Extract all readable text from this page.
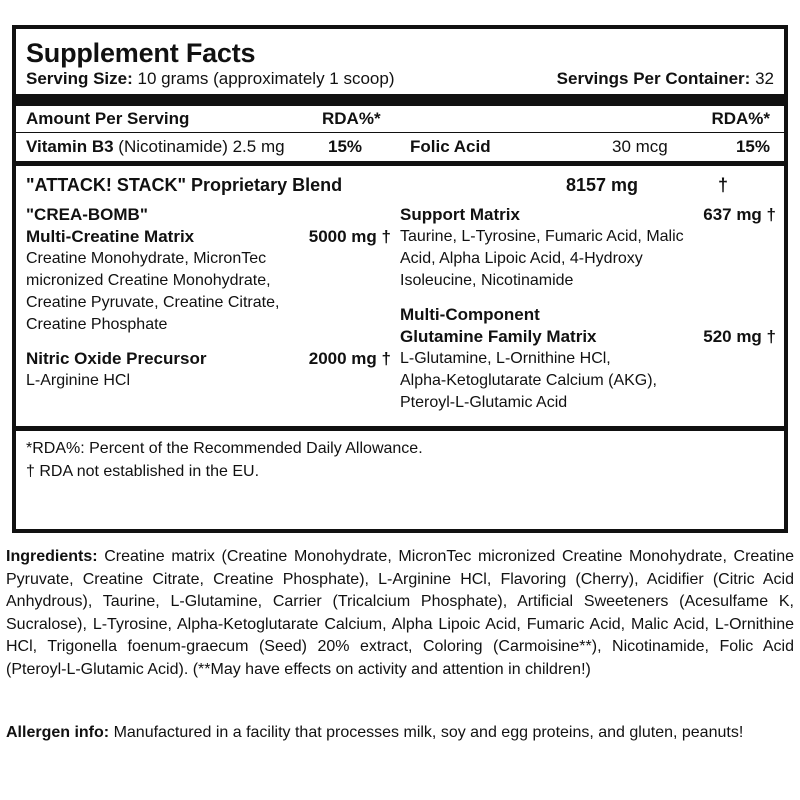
Supplement Facts
Serving Size: 10 grams (approximately 1 scoop)	Servings Per Container: 32
Amount Per Serving	RDA%*	RDA%*
Vitamin B3 (Nicotinamide) 2.5 mg	15%	Folic Acid	30 mcg	15%
"ATTACK! STACK" Proprietary Blend	8157 mg	†
"CREA-BOMB"
Multi-Creatine Matrix	5000 mg †
Creatine Monohydrate, MicronTec
micronized Creatine Monohydrate,
Creatine Pyruvate, Creatine Citrate,
Creatine Phosphate
Nitric Oxide Precursor	2000 mg †
L-Arginine HCl
Support Matrix	637 mg †
Taurine, L-Tyrosine, Fumaric Acid, Malic
Acid, Alpha Lipoic Acid, 4-Hydroxy
Isoleucine, Nicotinamide
Multi-Component
Glutamine Family Matrix	520 mg †
L-Glutamine, L-Ornithine HCl,
Alpha-Ketoglutarate Calcium (AKG),
Pteroyl-L-Glutamic Acid
*RDA%: Percent of the Recommended Daily Allowance.
† RDA not established in the EU.
Ingredients: Creatine matrix (Creatine Monohydrate, MicronTec micronized Creatine Monohydrate, Creatine Pyruvate, Creatine Citrate, Creatine Phosphate), L-Arginine HCl, Flavoring (Cherry), Acidifier (Citric Acid Anhydrous), Taurine, L-Glutamine, Carrier (Tricalcium Phosphate), Artificial Sweeteners (Acesulfame K, Sucralose), L-Tyrosine, Alpha-Ketoglutarate Calcium, Alpha Lipoic Acid, Fumaric Acid, Malic Acid, L-Ornithine HCl, Trigonella foenum-graecum (Seed) 20% extract, Coloring (Carmoisine**), Nicotinamide, Folic Acid (Pteroyl-L-Glutamic Acid). (**May have effects on activity and attention in children!)
Allergen info: Manufactured in a facility that processes milk, soy and egg proteins, and gluten, peanuts!
